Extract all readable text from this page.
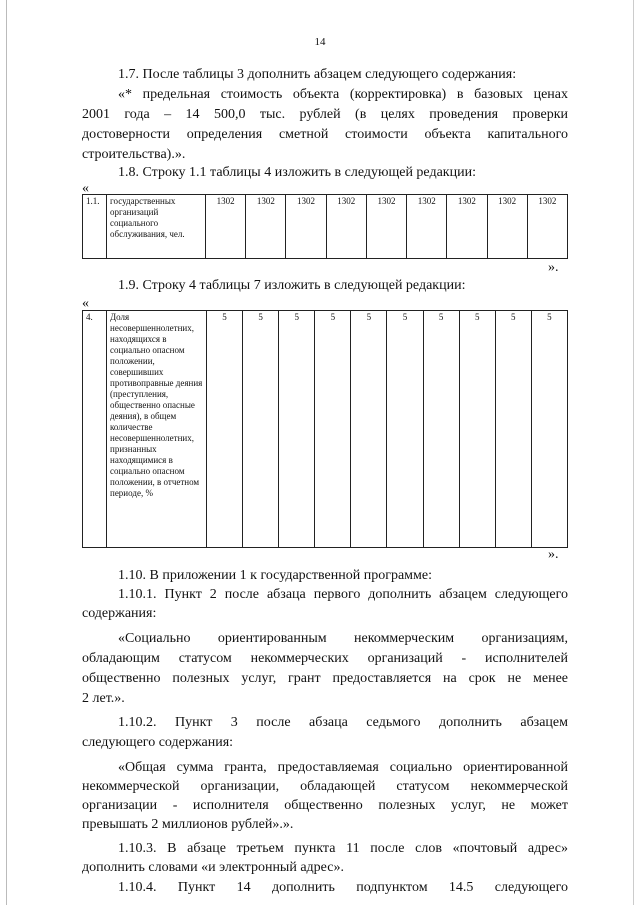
14

1.7. После таблицы 3 дополнить абзацем следующего содержания:

«* предельная стоимость объекта (корректировка) в базовых ценах

2001 года – 14 500,0 тыс. рублей (в целях проведения проверки

достоверности определения сметной стоимости объекта капитального

строительства).».

1.8. Строку 1.1 таблицы 4 изложить в следующей редакции:

«
1.1.	государственных организаций социального обслуживания, чел.	1302	1302	1302	1302	1302	1302	1302	1302	1302
».

1.9. Строку 4 таблицы 7 изложить в следующей редакции:

«
4.	Доля несовершеннолетних, находящихся в социально опасном положении, совершивших противоправные деяния (преступления, общественно опасные деяния), в общем количестве несовершеннолетних, признанных находящимися в социально опасном положении, в отчетном периоде, %	5	5	5	5	5	5	5	5	5	5
».

1.10. В приложении 1 к государственной программе:

1.10.1. Пункт 2 после абзаца первого дополнить абзацем следующего

содержания:

«Социально ориентированным некоммерческим организациям,

обладающим статусом некоммерческих организаций - исполнителей

общественно полезных услуг, грант предоставляется на срок не менее

2 лет.».

1.10.2. Пункт 3 после абзаца седьмого дополнить абзацем

следующего содержания:

«Общая сумма гранта, предоставляемая социально ориентированной

некоммерческой организации, обладающей статусом некоммерческой

организации - исполнителя общественно полезных услуг, не может

превышать 2 миллионов рублей».».

1.10.3. В абзаце третьем пункта 11 после слов «почтовый адрес»

дополнить словами «и электронный адрес».

1.10.4. Пункт 14 дополнить подпунктом 14.5 следующего
